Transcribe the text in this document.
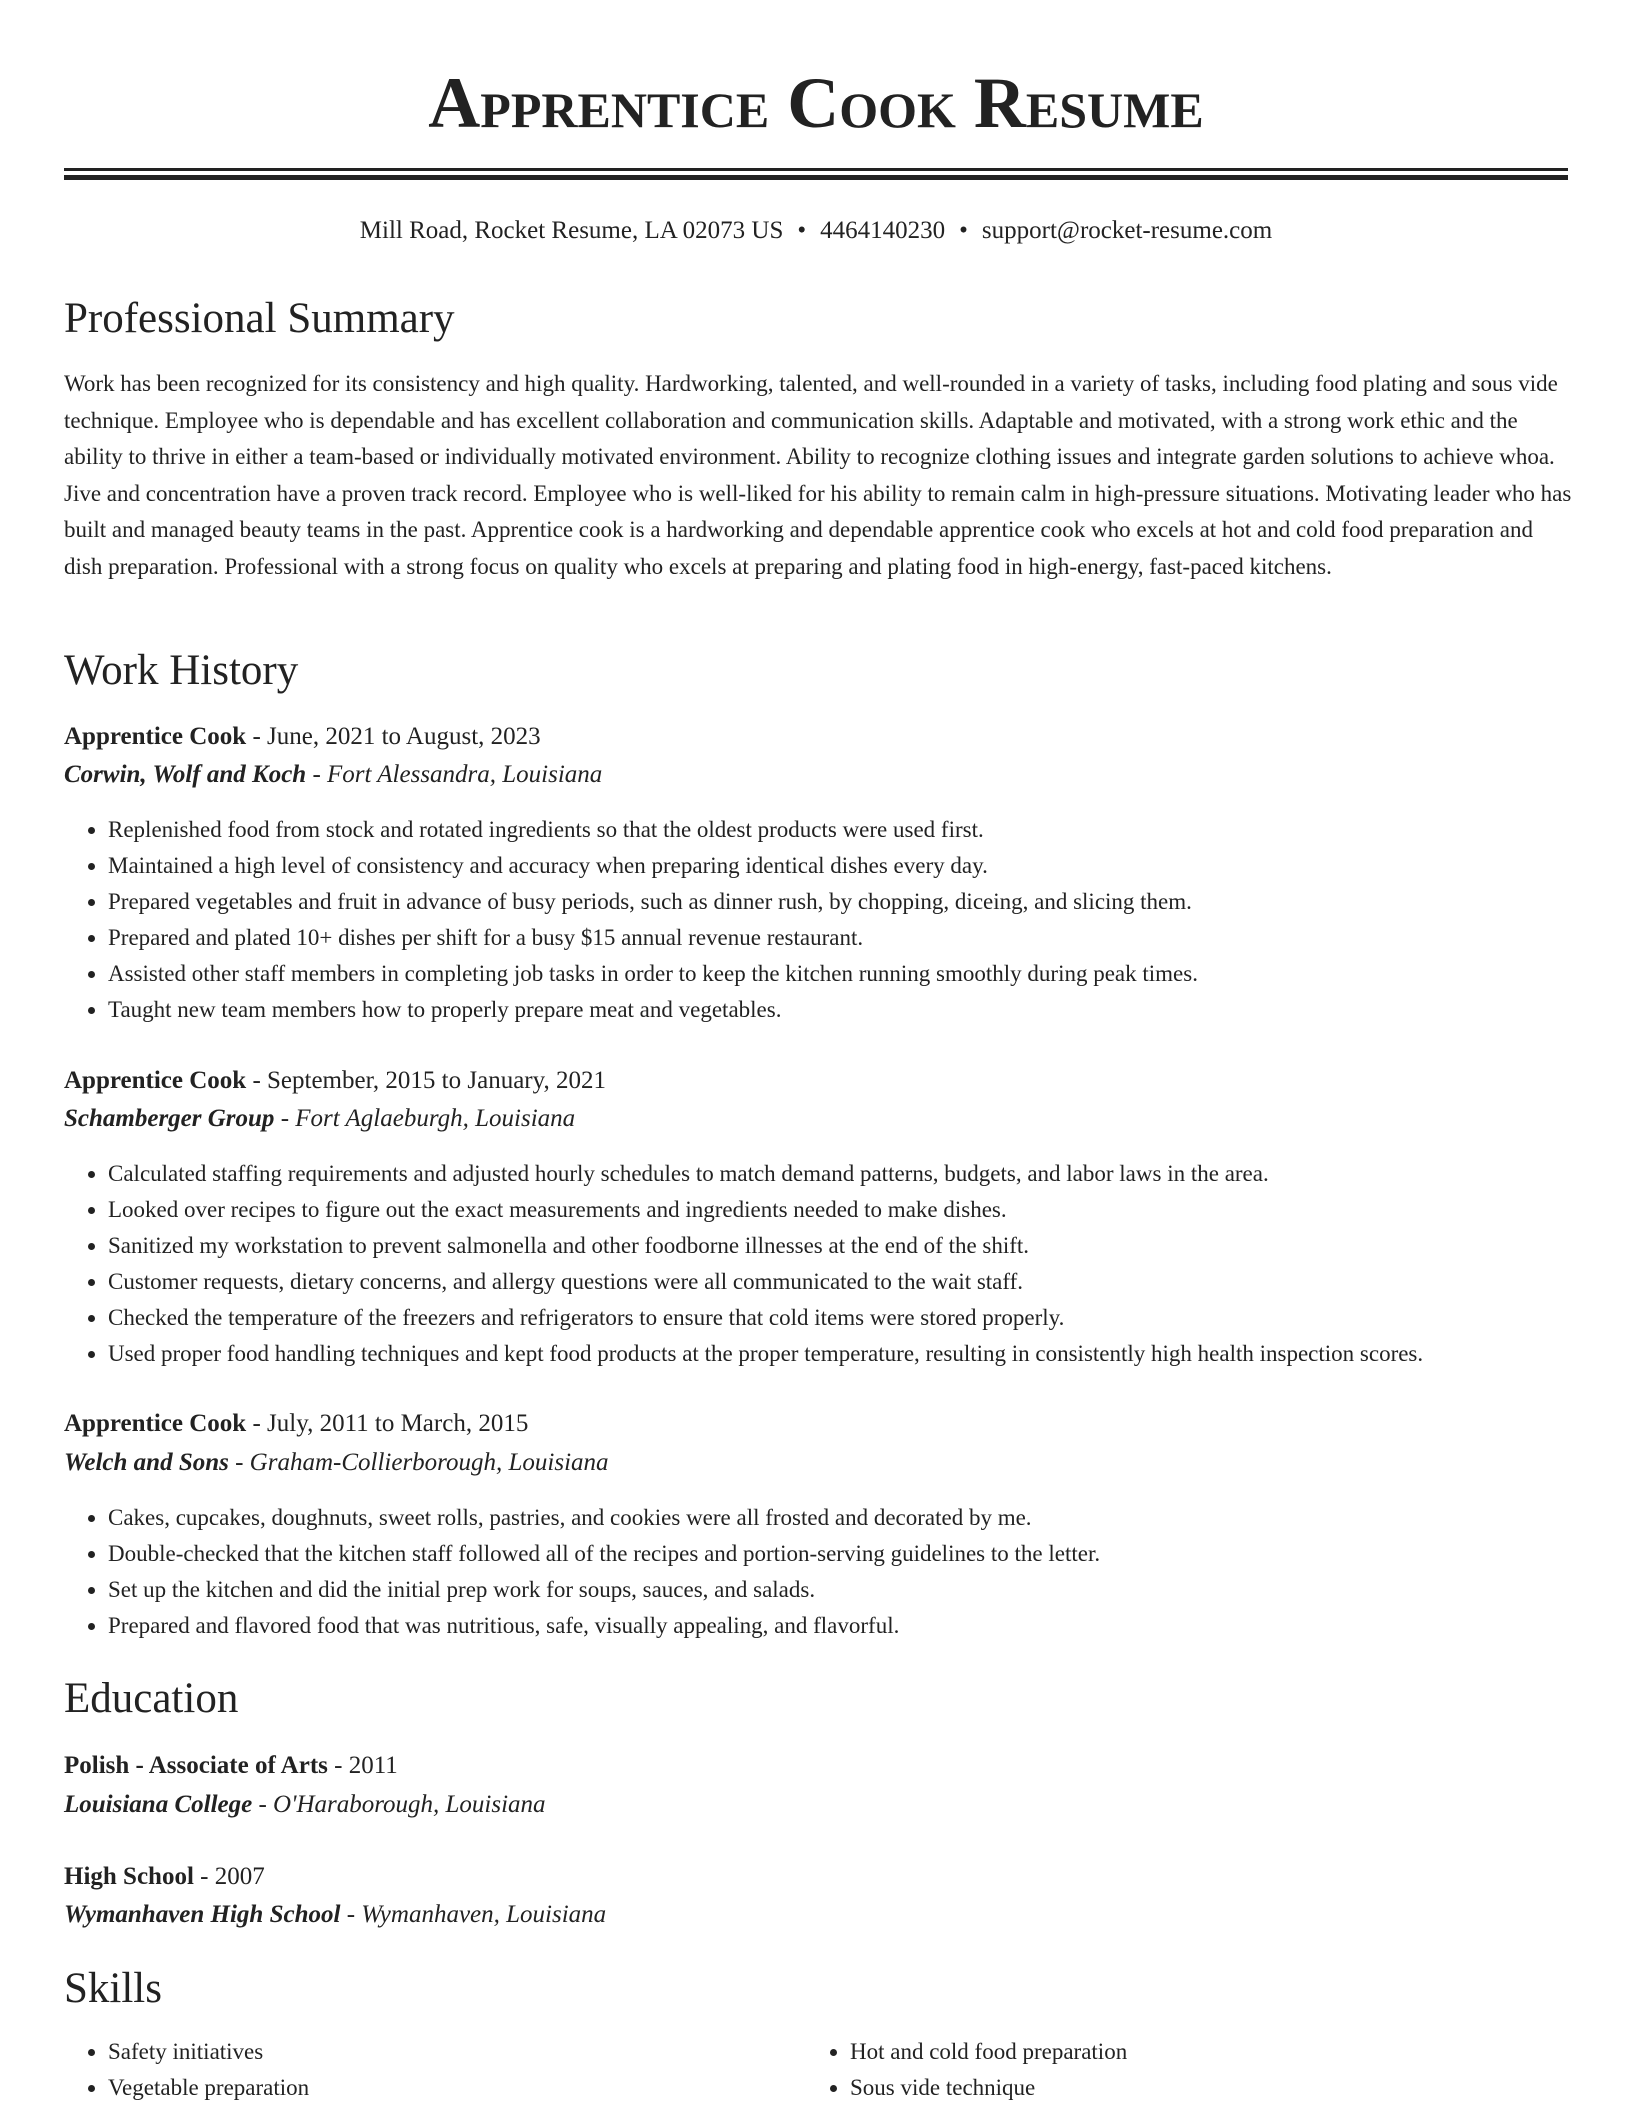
Apprentice Cook Resume
Mill Road, Rocket Resume, LA 02073 US • 4464140230 • support@rocket-resume.com
Professional Summary

Work has been recognized for its consistency and high quality. Hardworking, talented, and well-rounded in a variety of tasks, including food plating and sous vide technique. Employee who is dependable and has excellent collaboration and communication skills. Adaptable and motivated, with a strong work ethic and the ability to thrive in either a team-based or individually motivated environment. Ability to recognize clothing issues and integrate garden solutions to achieve whoa. Jive and concentration have a proven track record. Employee who is well-liked for his ability to remain calm in high-pressure situations. Motivating leader who has built and managed beauty teams in the past. Apprentice cook is a hardworking and dependable apprentice cook who excels at hot and cold food preparation and dish preparation. Professional with a strong focus on quality who excels at preparing and plating food in high-energy, fast-paced kitchens.

Work History
Apprentice Cook - June, 2021 to August, 2023
Corwin, Wolf and Koch - Fort Alessandra, Louisiana
• Replenished food from stock and rotated ingredients so that the oldest products were used first.
• Maintained a high level of consistency and accuracy when preparing identical dishes every day.
• Prepared vegetables and fruit in advance of busy periods, such as dinner rush, by chopping, diceing, and slicing them.
• Prepared and plated 10+ dishes per shift for a busy $15 annual revenue restaurant.
• Assisted other staff members in completing job tasks in order to keep the kitchen running smoothly during peak times.
• Taught new team members how to properly prepare meat and vegetables.
Apprentice Cook - September, 2015 to January, 2021
Schamberger Group - Fort Aglaeburgh, Louisiana
• Calculated staffing requirements and adjusted hourly schedules to match demand patterns, budgets, and labor laws in the area.
• Looked over recipes to figure out the exact measurements and ingredients needed to make dishes.
• Sanitized my workstation to prevent salmonella and other foodborne illnesses at the end of the shift.
• Customer requests, dietary concerns, and allergy questions were all communicated to the wait staff.
• Checked the temperature of the freezers and refrigerators to ensure that cold items were stored properly.
• Used proper food handling techniques and kept food products at the proper temperature, resulting in consistently high health inspection scores.
Apprentice Cook - July, 2011 to March, 2015
Welch and Sons - Graham-Collierborough, Louisiana
• Cakes, cupcakes, doughnuts, sweet rolls, pastries, and cookies were all frosted and decorated by me.
• Double-checked that the kitchen staff followed all of the recipes and portion-serving guidelines to the letter.
• Set up the kitchen and did the initial prep work for soups, sauces, and salads.
• Prepared and flavored food that was nutritious, safe, visually appealing, and flavorful.
Education
Polish - Associate of Arts - 2011
Louisiana College - O'Haraborough, Louisiana
High School - 2007
Wymanhaven High School - Wymanhaven, Louisiana
Skills
• Safety initiatives
• Vegetable preparation
• Hot and cold food preparation
• Sous vide technique
